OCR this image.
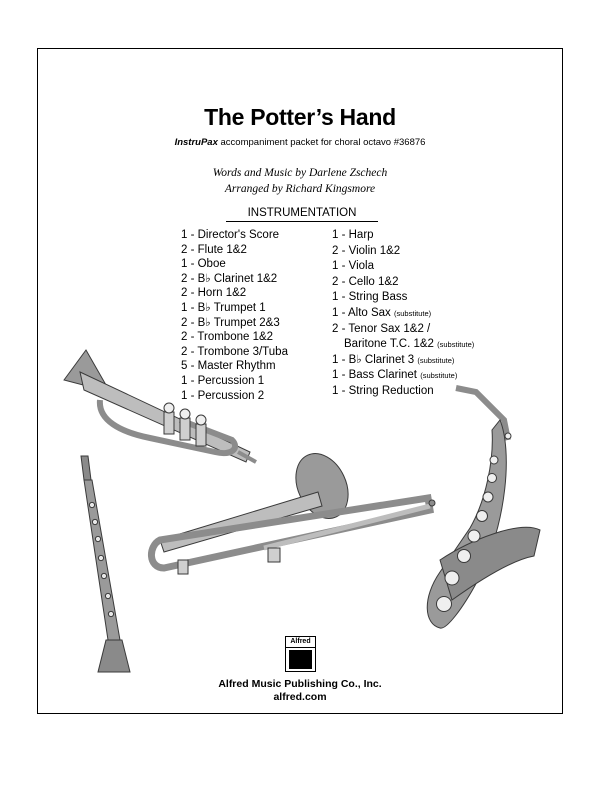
The Potter’s Hand
InstruPax accompaniment packet for choral octavo #36876
Words and Music by Darlene Zschech
Arranged by Richard Kingsmore
INSTRUMENTATION
1 - Director's Score
2 - Flute 1&2
1 - Oboe
2 - B♭ Clarinet 1&2
2 - Horn 1&2
1 - B♭ Trumpet 1
2 - B♭ Trumpet 2&3
2 - Trombone 1&2
2 - Trombone 3/Tuba
5 - Master Rhythm
1 - Percussion 1
1 - Percussion 2
1 - Harp
2 - Violin 1&2
1 - Viola
2 - Cello 1&2
1 - String Bass
1 - Alto Sax (substitute)
2 - Tenor Sax 1&2 /
Baritone T.C. 1&2 (substitute)
1 - B♭ Clarinet 3 (substitute)
1 - Bass Clarinet (substitute)
1 - String Reduction
Alfred
Alfred Music Publishing Co., Inc.
alfred.com
